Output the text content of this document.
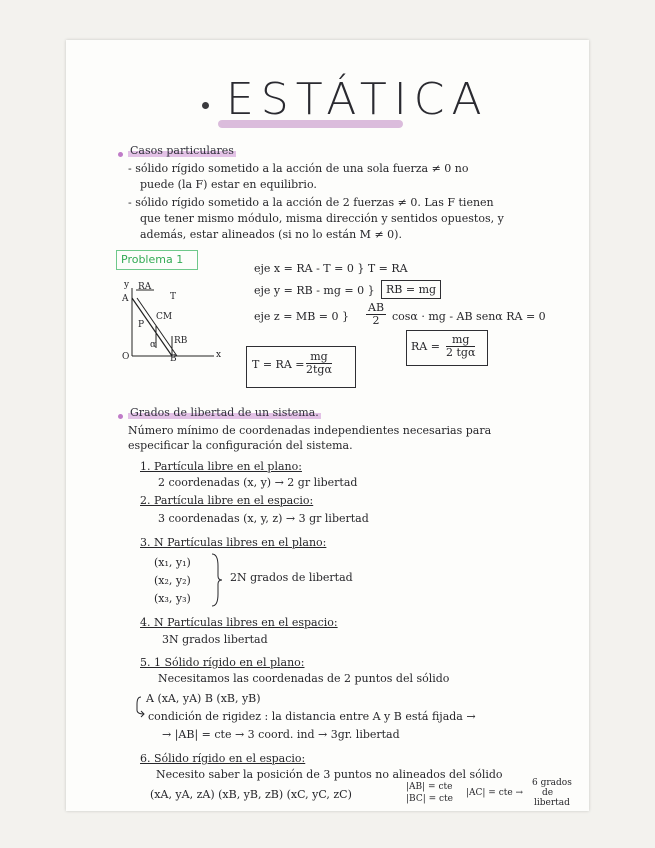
ESTÁTICA
Casos particulares
- sólido rígido sometido a la acción de una sola fuerza ≠ 0 no
puede (la F) estar en equilibrio.
- sólido rígido sometido a la acción de 2 fuerzas ≠ 0. Las F tienen
que tener mismo módulo, misma dirección y sentidos opuestos, y
además, estar alineados (si no lo están M ≠ 0).
Problema 1
y
A
RA
T
P
CM
α RB
O	B	x
eje x = RA - T = 0 } T = RA
eje y = RB - mg = 0 } RB = mg
eje z = MB = 0 } $\frac{AB}{2}$ cosα · mg - AB senα RA = 0
RA = $\frac{mg}{\text{2 tgα}}$
T = RA = $\frac{mg}{\text{2tgα}}$
Grados de libertad de un sistema.
Número mínimo de coordenadas independientes necesarias para
especificar la configuración del sistema.
1. Partícula libre en el plano:
2 coordenadas (x, y) → 2 gr libertad
2. Partícula libre en el espacio:
3 coordenadas (x, y, z) → 3 gr libertad
3. N Partículas libres en el plano:
(x₁, y₁)
(x₂, y₂)
(x₃, y₃)
2N grados de libertad
4. N Partículas libres en el espacio:
3N grados libertad
5. 1 Sólido rígido en el plano:
Necesitamos las coordenadas de 2 puntos del sólido
A (xA, yA) B (xB, yB)
condición de rigidez : la distancia entre A y B está fijada →
→ |AB| = cte → 3 coord. ind → 3gr. libertad
6. Sólido rígido en el espacio:
Necesito saber la posición de 3 puntos no alineados del sólido
(xA, yA, zA) (xB, yB, zB) (xC, yC, zC)
|AB| = cte
|BC| = cte
|AC| = cte →
6 grados
de
libertad
